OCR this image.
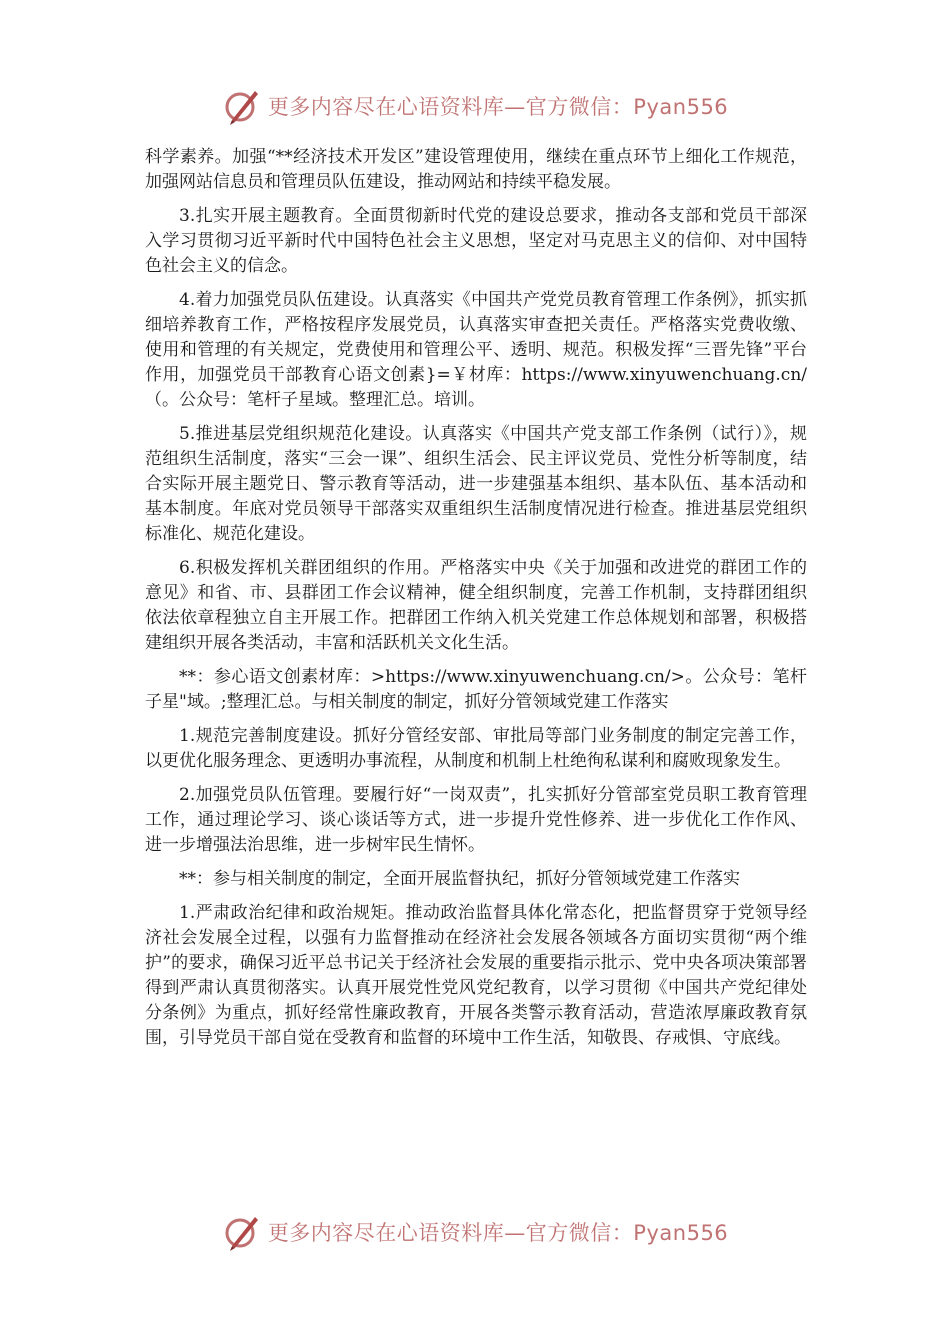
更多内容尽在心语资料库—官方微信：Pyan556

科学素养。加强“**经济技术开发区”建设管理使用，继续在重点环节上细化工作规范，加强网站信息员和管理员队伍建设，推动网站和持续平稳发展。

3.扎实开展主题教育。全面贯彻新时代党的建设总要求，推动各支部和党员干部深入学习贯彻习近平新时代中国特色社会主义思想，坚定对马克思主义的信仰、对中国特色社会主义的信念。

4.着力加强党员队伍建设。认真落实《中国共产党党员教育管理工作条例》，抓实抓细培养教育工作，严格按程序发展党员，认真落实审查把关责任。严格落实党费收缴、使用和管理的有关规定，党费使用和管理公平、透明、规范。积极发挥“三晋先锋”平台作用，加强党员干部教育心语文创素}=￥材库：https://www.xinyuwenchuang.cn/（。公众号：笔杆子星域。整理汇总。培训。

5.推进基层党组织规范化建设。认真落实《中国共产党支部工作条例（试行）》，规范组织生活制度，落实“三会一课”、组织生活会、民主评议党员、党性分析等制度，结合实际开展主题党日、警示教育等活动，进一步建强基本组织、基本队伍、基本活动和基本制度。年底对党员领导干部落实双重组织生活制度情况进行检查。推进基层党组织标准化、规范化建设。

6.积极发挥机关群团组织的作用。严格落实中央《关于加强和改进党的群团工作的意见》和省、市、县群团工作会议精神，健全组织制度，完善工作机制，支持群团组织依法依章程独立自主开展工作。把群团工作纳入机关党建工作总体规划和部署，积极搭建组织开展各类活动，丰富和活跃机关文化生活。

**：参心语文创素材库：>https://www.xinyuwenchuang.cn/>。公众号：笔杆子星"域。;整理汇总。与相关制度的制定，抓好分管领域党建工作落实

1.规范完善制度建设。抓好分管经安部、审批局等部门业务制度的制定完善工作，以更优化服务理念、更透明办事流程，从制度和机制上杜绝徇私谋利和腐败现象发生。

2.加强党员队伍管理。要履行好“一岗双责”，扎实抓好分管部室党员职工教育管理工作，通过理论学习、谈心谈话等方式，进一步提升党性修养、进一步优化工作作风、进一步增强法治思维，进一步树牢民生情怀。

**：参与相关制度的制定，全面开展监督执纪，抓好分管领域党建工作落实

1.严肃政治纪律和政治规矩。推动政治监督具体化常态化，把监督贯穿于党领导经济社会发展全过程，以强有力监督推动在经济社会发展各领域各方面切实贯彻“两个维护”的要求，确保习近平总书记关于经济社会发展的重要指示批示、党中央各项决策部署得到严肃认真贯彻落实。认真开展党性党风党纪教育，以学习贯彻《中国共产党纪律处分条例》为重点，抓好经常性廉政教育，开展各类警示教育活动，营造浓厚廉政教育氛围，引导党员干部自觉在受教育和监督的环境中工作生活，知敬畏、存戒惧、守底线。

更多内容尽在心语资料库—官方微信：Pyan556
